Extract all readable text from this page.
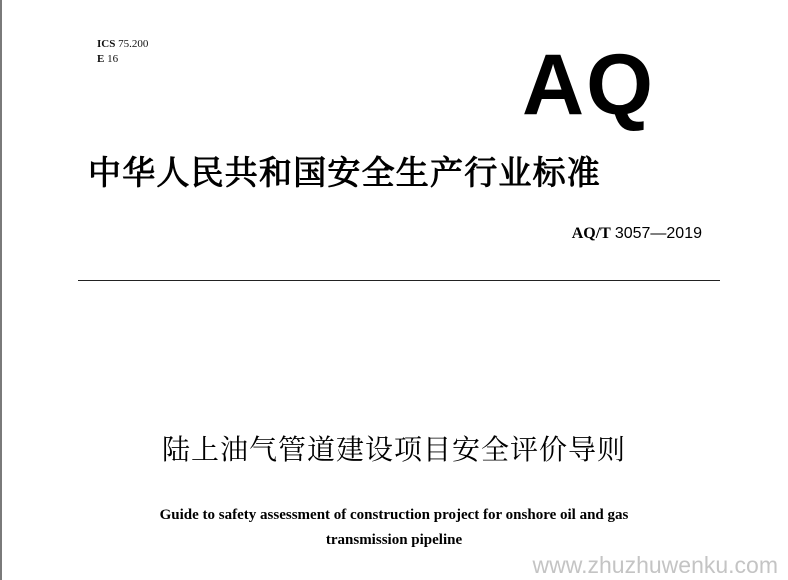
ICS 75.200
E 16	AQ
中华人民共和国安全生产行业标准
AQ/T 3057—2019
陆上油气管道建设项目安全评价导则
Guide to safety assessment of construction project for onshore oil and gas
transmission pipeline
www.zhuzhuwenku.com
